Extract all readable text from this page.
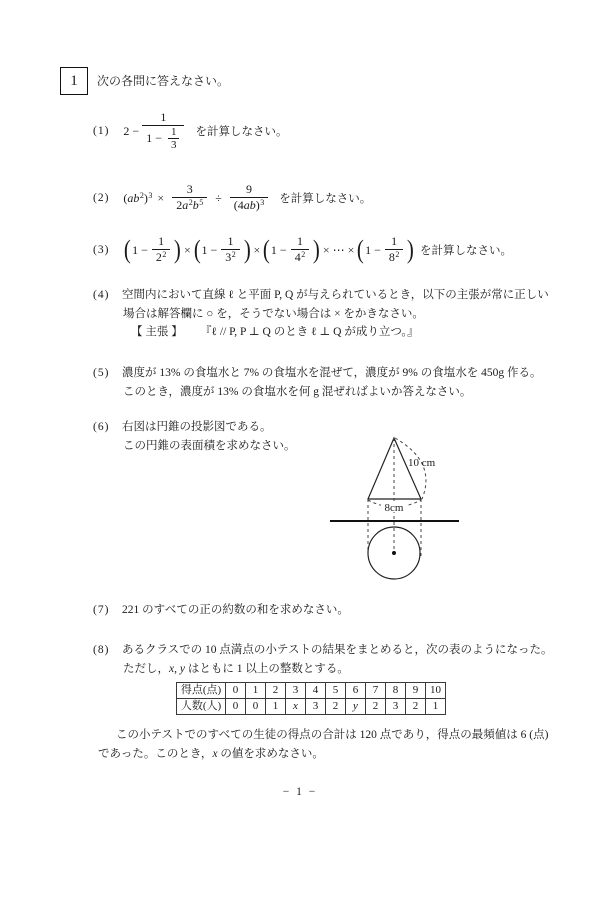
1	次の各問に答えなさい。
(1) $2 - \frac{1}{1 - \frac{1}{3}}$ を計算しなさい。
(2) $(ab^2)^3 \times \frac{3}{2a^2b^5} \div \frac{9}{(4ab)^3}$ を計算しなさい。
(3) ( $1 - \frac{1}{2^2}$ ) × ( $1 - \frac{1}{3^2}$ ) × ( $1 - \frac{1}{4^2}$ ) × ⋯ × ( $1 - \frac{1}{8^2}$ ) を計算しなさい。
(4) 空間内において直線 ℓ と平面 P, Q が与えられているとき，以下の主張が常に正しい
場合は解答欄に ○ を，そうでない場合は × をかきなさい。
【 主張 】 『ℓ // P, P ⊥ Q のとき ℓ ⊥ Q が成り立つ。』
(5) 濃度が 13% の食塩水と 7% の食塩水を混ぜて，濃度が 9% の食塩水を 450g 作る。
このとき，濃度が 13% の食塩水を何 g 混ぜればよいか答えなさい。
(6) 右図は円錐の投影図である。
この円錐の表面積を求めなさい。
10 cm
8cm
(7) 221 のすべての正の約数の和を求めなさい。
(8) あるクラスでの 10 点満点の小テストの結果をまとめると，次の表のようになった。
ただし，x, y はともに 1 以上の整数とする。
得点(点)	0	1	2	3	4	5	6	7	8	9	10
人数(人)	0	0	1	x	3	2	y	2	3	2	1
この小テストでのすべての生徒の得点の合計は 120 点であり，得点の最頻値は 6 (点)
であった。このとき，x の値を求めなさい。
− 1 −
